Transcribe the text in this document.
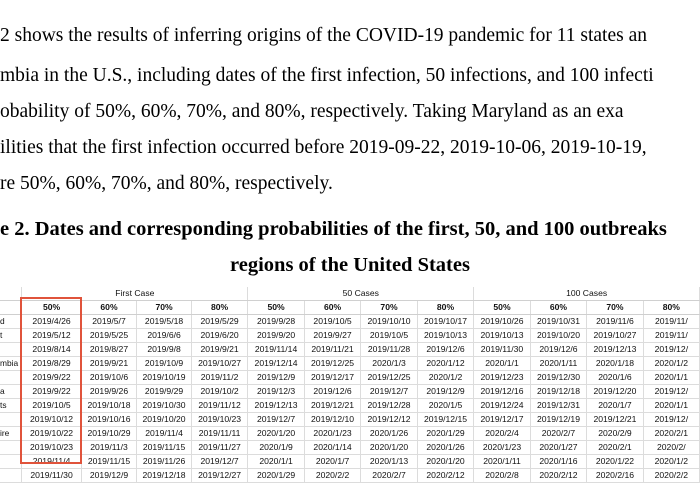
2 shows the results of inferring origins of the COVID-19 pandemic for 11 states an
mbia in the U.S., including dates of the first infection, 50 infections, and 100 infecti
obability of 50%, 60%, 70%, and 80%, respectively. Taking Maryland as an exa
ilities that the first infection occurred before 2019-09-22, 2019-10-06, 2019-10-19,
re 50%, 60%, 70%, and 80%, respectively.
e 2. Dates and corresponding probabilities of the first, 50, and 100 outbreaks
regions of the United States
	First Case				50 Cases				100 Cases			
	50%	60%	70%	80%	50%	60%	70%	80%	50%	60%	70%	80%
d	2019/4/26	2019/5/7	2019/5/18	2019/5/29	2019/9/28	2019/10/5	2019/10/10	2019/10/17	2019/10/26	2019/10/31	2019/11/6	2019/11/
t	2019/5/12	2019/5/25	2019/6/6	2019/6/20	2019/9/20	2019/9/27	2019/10/5	2019/10/13	2019/10/13	2019/10/20	2019/10/27	2019/11/
	2019/8/14	2019/8/27	2019/9/8	2019/9/21	2019/11/14	2019/11/21	2019/11/28	2019/12/6	2019/11/30	2019/12/6	2019/12/13	2019/12/
mbia	2019/8/29	2019/9/21	2019/10/9	2019/10/27	2019/12/14	2019/12/25	2020/1/3	2020/1/12	2020/1/1	2020/1/11	2020/1/18	2020/1/2
	2019/9/22	2019/10/6	2019/10/19	2019/11/2	2019/12/9	2019/12/17	2019/12/25	2020/1/2	2019/12/23	2019/12/30	2020/1/6	2020/1/1
a	2019/9/22	2019/9/26	2019/9/29	2019/10/2	2019/12/3	2019/12/6	2019/12/7	2019/12/9	2019/12/16	2019/12/18	2019/12/20	2019/12/
ts	2019/10/5	2019/10/18	2019/10/30	2019/11/12	2019/12/13	2019/12/21	2019/12/28	2020/1/5	2019/12/24	2019/12/31	2020/1/7	2020/1/1
	2019/10/12	2019/10/16	2019/10/20	2019/10/23	2019/12/7	2019/12/10	2019/12/12	2019/12/15	2019/12/17	2019/12/19	2019/12/21	2019/12/
ire	2019/10/22	2019/10/29	2019/11/4	2019/11/11	2020/1/20	2020/1/23	2020/1/26	2020/1/29	2020/2/4	2020/2/7	2020/2/9	2020/2/1
	2019/10/23	2019/11/3	2019/11/15	2019/11/27	2020/1/9	2020/1/14	2020/1/20	2020/1/26	2020/1/23	2020/1/27	2020/2/1	2020/2/
	2019/11/4	2019/11/15	2019/11/26	2019/12/7	2020/1/1	2020/1/7	2020/1/13	2020/1/20	2020/1/11	2020/1/16	2020/1/22	2020/1/2
	2019/11/30	2019/12/9	2019/12/18	2019/12/27	2020/1/29	2020/2/2	2020/2/7	2020/2/12	2020/2/8	2020/2/12	2020/2/16	2020/2/2
